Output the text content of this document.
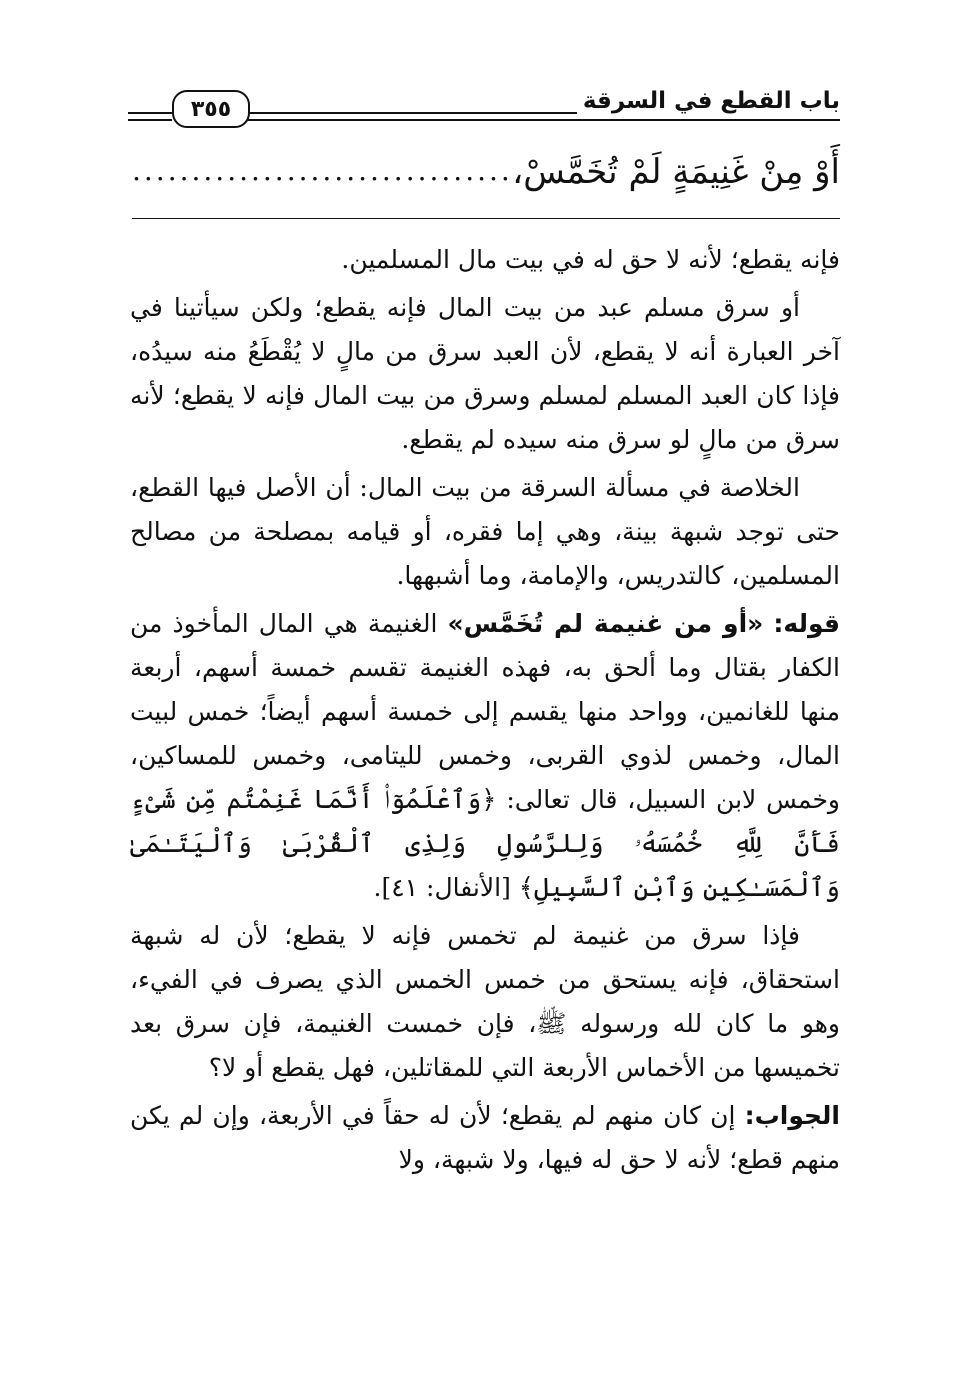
٣٥٥	باب القطع في السرقة
أَوْ مِنْ غَنِيمَةٍ لَمْ تُخَمَّسْ،
................................

فإنه يقطع؛ لأنه لا حق له في بيت مال المسلمين.

أو سرق مسلم عبد من بيت المال فإنه يقطع؛ ولكن سيأتينا في آخر العبارة أنه لا يقطع، لأن العبد سرق من مالٍ لا يُقْطَعُ منه سيدُه، فإذا كان العبد المسلم لمسلم وسرق من بيت المال فإنه لا يقطع؛ لأنه سرق من مالٍ لو سرق منه سيده لم يقطع.

الخلاصة في مسألة السرقة من بيت المال: أن الأصل فيها القطع، حتى توجد شبهة بينة، وهي إما فقره، أو قيامه بمصلحة من مصالح المسلمين، كالتدريس، والإمامة، وما أشبهها.

قوله: «أو من غنيمة لم تُخَمَّس» الغنيمة هي المال المأخوذ من الكفار بقتال وما ألحق به، فهذه الغنيمة تقسم خمسة أسهم، أربعة منها للغانمين، وواحد منها يقسم إلى خمسة أسهم أيضاً؛ خمس لبيت المال، وخمس لذوي القربى، وخمس لليتامى، وخمس للمساكين، وخمس لابن السبيل، قال تعالى: ﴿وَٱعْلَمُوٓا۟ أَنَّمَا غَنِمْتُم مِّن شَىْءٍ فَأَنَّ لِلَّهِ خُمُسَهُۥ وَلِلرَّسُولِ وَلِذِى ٱلْقُرْبَىٰ وَٱلْيَتَـٰمَىٰ وَٱلْمَسَـٰكِينِ وَٱبْنِ ٱلسَّبِيلِ﴾ [الأنفال: ٤١].

فإذا سرق من غنيمة لم تخمس فإنه لا يقطع؛ لأن له شبهة استحقاق، فإنه يستحق من خمس الخمس الذي يصرف في الفيء، وهو ما كان لله ورسوله ﷺ، فإن خمست الغنيمة، فإن سرق بعد تخميسها من الأخماس الأربعة التي للمقاتلين، فهل يقطع أو لا؟

الجواب: إن كان منهم لم يقطع؛ لأن له حقاً في الأربعة، وإن لم يكن منهم قطع؛ لأنه لا حق له فيها، ولا شبهة، ولا
